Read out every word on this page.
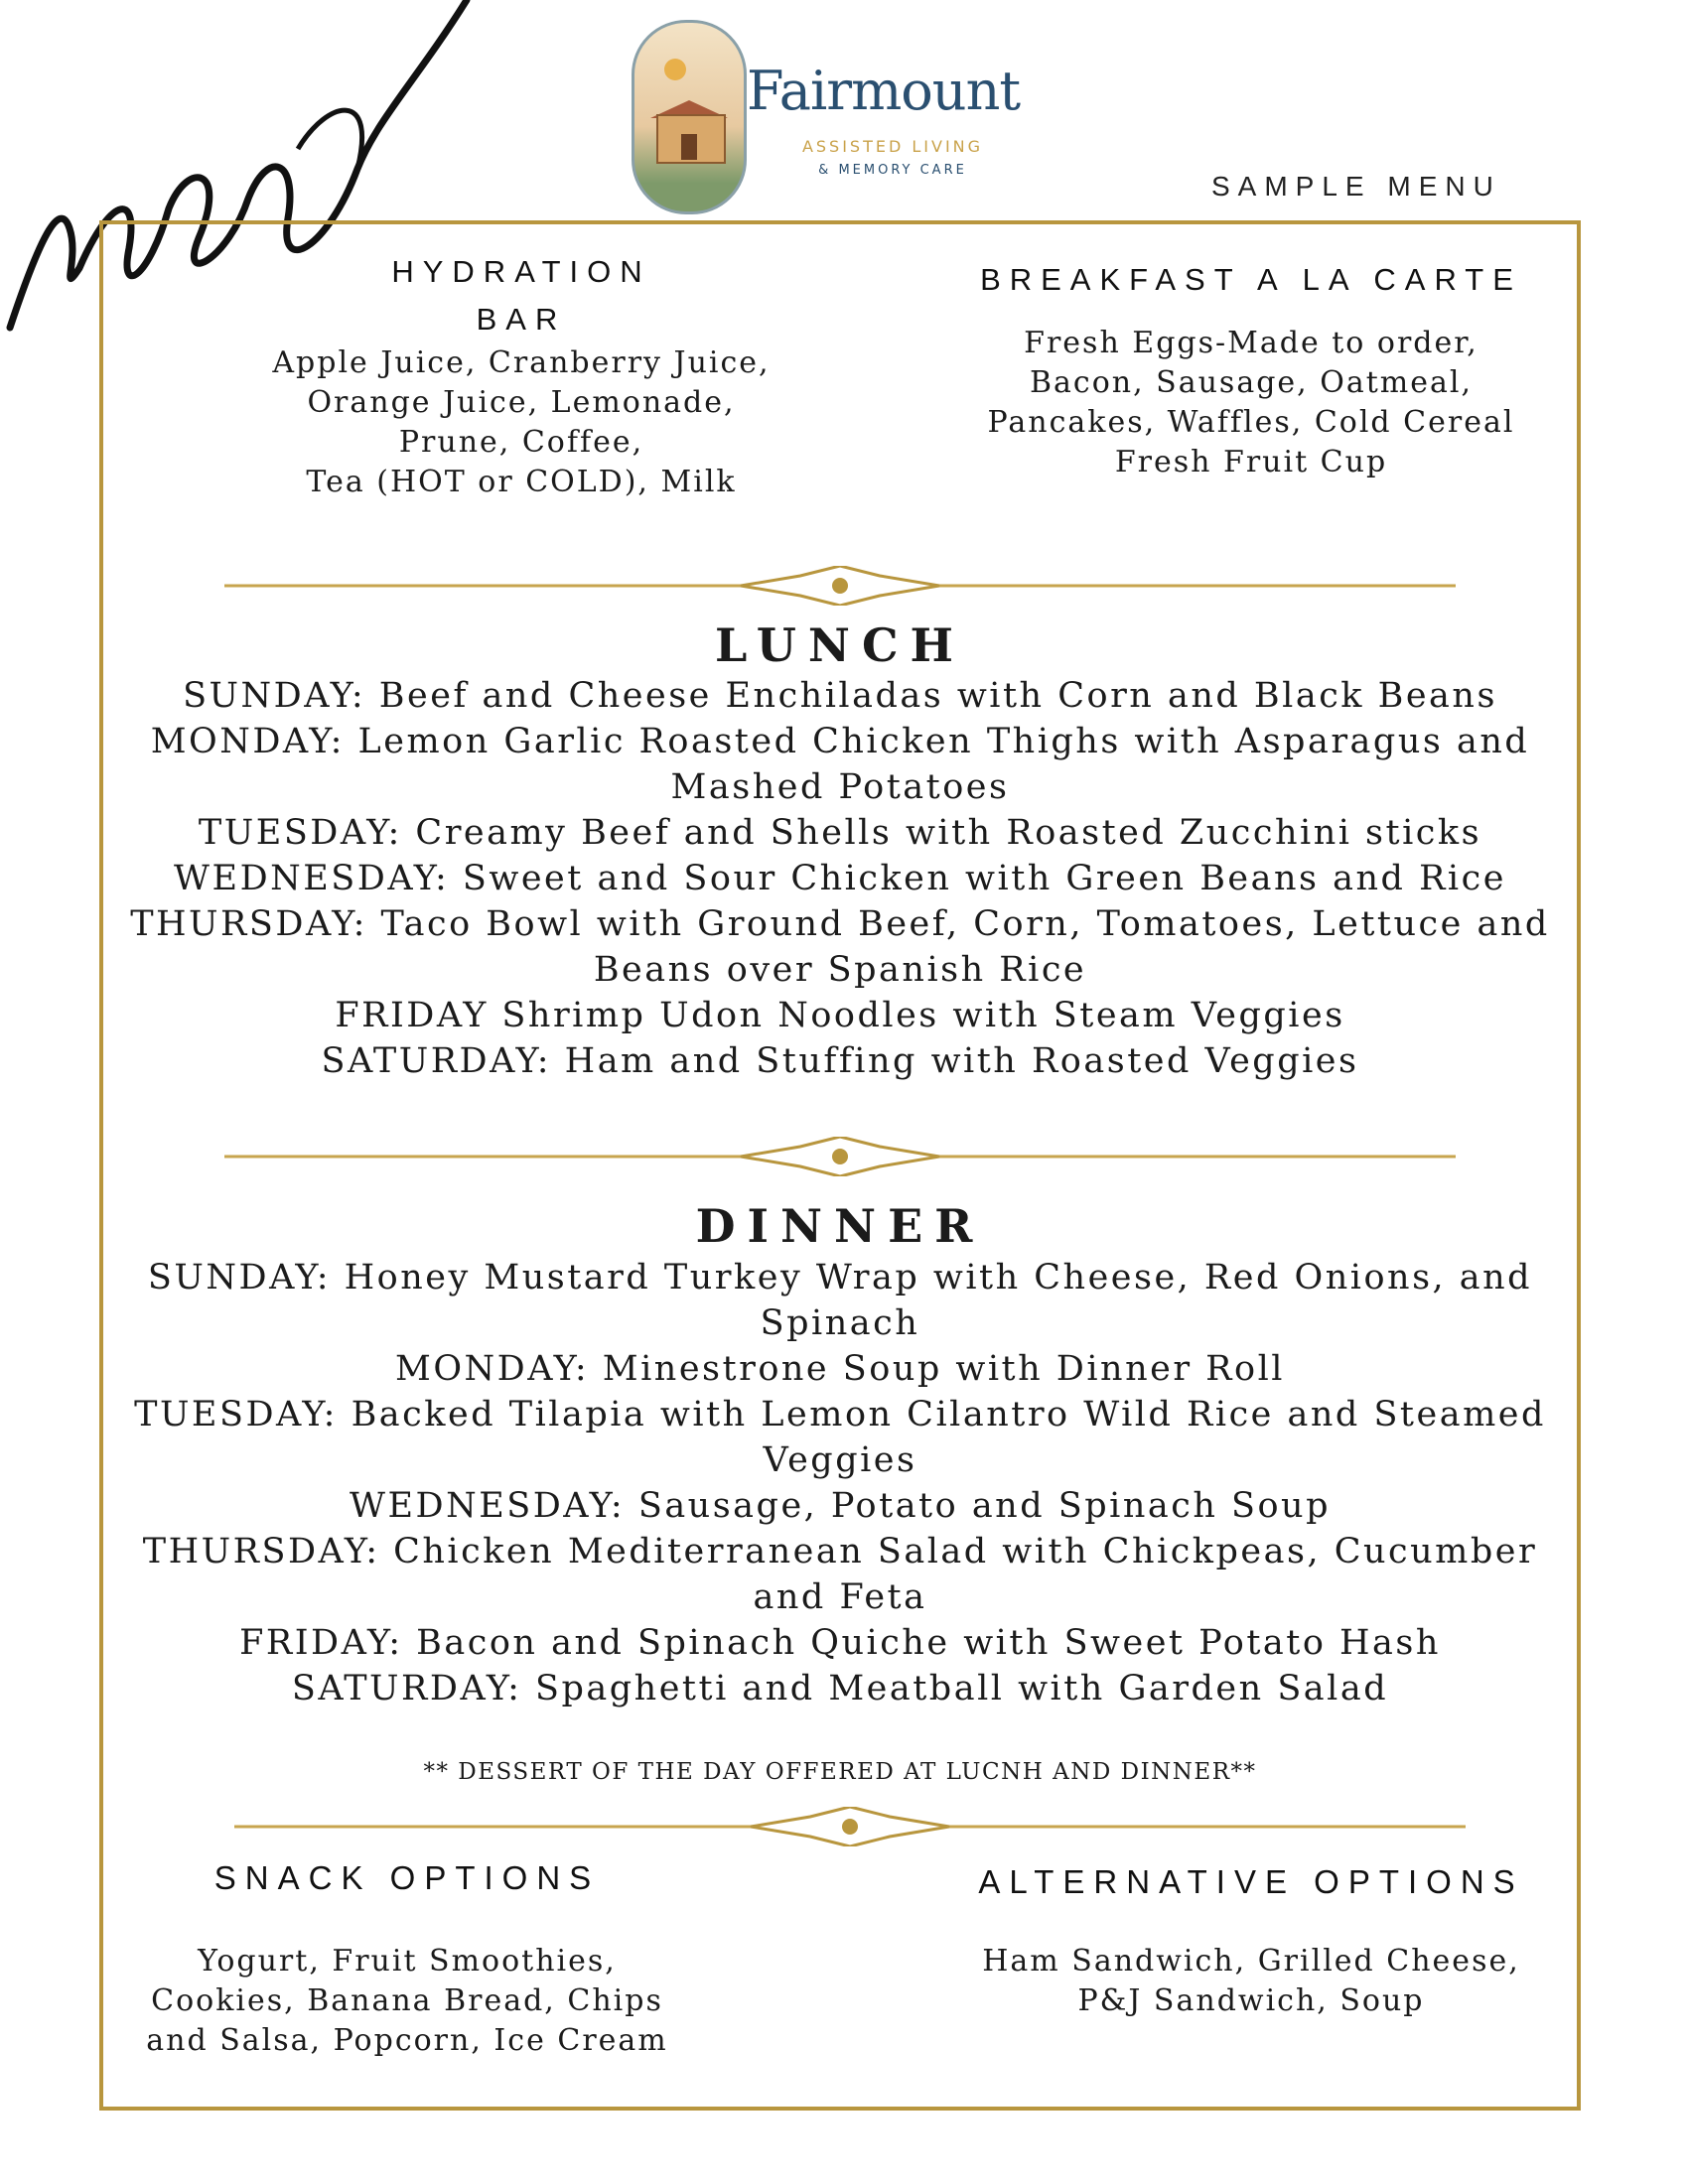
Fairmount
ASSISTED LIVING
& MEMORY CARE
SAMPLE MENU
HYDRATION
BAR
Apple Juice, Cranberry Juice,
Orange Juice, Lemonade,
Prune, Coffee,
Tea (HOT or COLD), Milk
BREAKFAST A LA CARTE
Fresh Eggs-Made to order,
Bacon, Sausage, Oatmeal,
Pancakes, Waffles, Cold Cereal
Fresh Fruit Cup
LUNCH
SUNDAY: Beef and Cheese Enchiladas with Corn and Black Beans
MONDAY: Lemon Garlic Roasted Chicken Thighs with Asparagus and
Mashed Potatoes
TUESDAY: Creamy Beef and Shells with Roasted Zucchini sticks
WEDNESDAY: Sweet and Sour Chicken with Green Beans and Rice
THURSDAY: Taco Bowl with Ground Beef, Corn, Tomatoes, Lettuce and
Beans over Spanish Rice
FRIDAY Shrimp Udon Noodles with Steam Veggies
SATURDAY: Ham and Stuffing with Roasted Veggies
DINNER
SUNDAY: Honey Mustard Turkey Wrap with Cheese, Red Onions, and
Spinach
MONDAY: Minestrone Soup with Dinner Roll
TUESDAY: Backed Tilapia with Lemon Cilantro Wild Rice and Steamed
Veggies
WEDNESDAY: Sausage, Potato and Spinach Soup
THURSDAY: Chicken Mediterranean Salad with Chickpeas, Cucumber
and Feta
FRIDAY: Bacon and Spinach Quiche with Sweet Potato Hash
SATURDAY: Spaghetti and Meatball with Garden Salad
** DESSERT OF THE DAY OFFERED AT LUCNH AND DINNER**
SNACK OPTIONS
Yogurt, Fruit Smoothies,
Cookies, Banana Bread, Chips
and Salsa, Popcorn, Ice Cream
ALTERNATIVE OPTIONS
Ham Sandwich, Grilled Cheese,
P&J Sandwich, Soup
